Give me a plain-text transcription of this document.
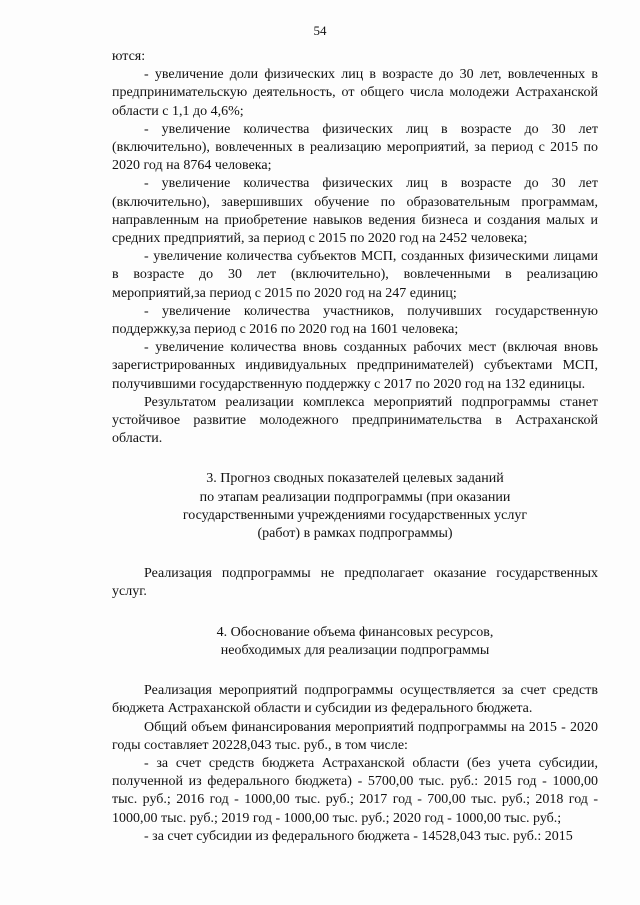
54

ются:

- увеличение доли физических лиц в возрасте до 30 лет, вовлеченных в предпринимательскую деятельность, от общего числа молодежи Астраханской области с 1,1 до 4,6%;

- увеличение количества физических лиц в возрасте до 30 лет (включительно), вовлеченных в реализацию мероприятий, за период с 2015 по 2020 год на 8764 человека;

- увеличение количества физических лиц в возрасте до 30 лет (включительно), завершивших обучение по образовательным программам, направленным на приобретение навыков ведения бизнеса и создания малых и средних предприятий, за период с 2015 по 2020 год на 2452 человека;

- увеличение количества субъектов МСП, созданных физическими лицами в возрасте до 30 лет (включительно), вовлеченными в реализацию мероприятий,за период с 2015 по 2020 год на 247 единиц;

- увеличение количества участников, получивших государственную поддержку,за период с 2016 по 2020 год на 1601 человека;

- увеличение количества вновь созданных рабочих мест (включая вновь зарегистрированных индивидуальных предпринимателей) субъектами МСП, получившими государственную поддержку с 2017 по 2020 год на 132 единицы.

Результатом реализации комплекса мероприятий подпрограммы станет устойчивое развитие молодежного предпринимательства в Астраханской области.

3. Прогноз сводных показателей целевых заданий

по этапам реализации подпрограммы (при оказании

государственными учреждениями государственных услуг

(работ) в рамках подпрограммы)

Реализация подпрограммы не предполагает оказание государственных услуг.

4. Обоснование объема финансовых ресурсов,

необходимых для реализации подпрограммы

Реализация мероприятий подпрограммы осуществляется за счет средств бюджета Астраханской области и субсидии из федерального бюджета.

Общий объем финансирования мероприятий подпрограммы на 2015 - 2020 годы составляет 20228,043 тыс. руб., в том числе:

- за счет средств бюджета Астраханской области (без учета субсидии, полученной из федерального бюджета) - 5700,00 тыс. руб.: 2015 год - 1000,00 тыс. руб.; 2016 год - 1000,00 тыс. руб.; 2017 год - 700,00 тыс. руб.; 2018 год - 1000,00 тыс. руб.; 2019 год - 1000,00 тыс. руб.; 2020 год - 1000,00 тыс. руб.;

- за счет субсидии из федерального бюджета - 14528,043 тыс. руб.: 2015
